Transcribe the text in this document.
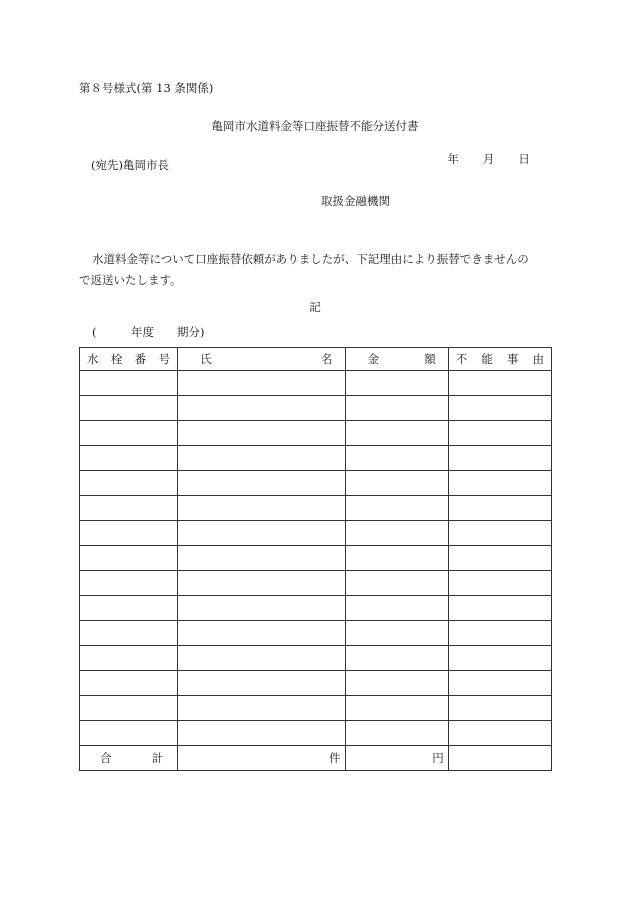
第８号様式(第 13 条関係)
亀岡市水道料金等口座振替不能分送付書

年 月 日

(宛先)亀岡市長
取扱金融機関
水道料金等について口座振替依頼がありましたが、下記理由により振替できませんの
で返送いたします。
記
(　　　年度　　期分)
水 栓 番 号	氏 名	金 額	不 能 事 由

合 計	件	円	
